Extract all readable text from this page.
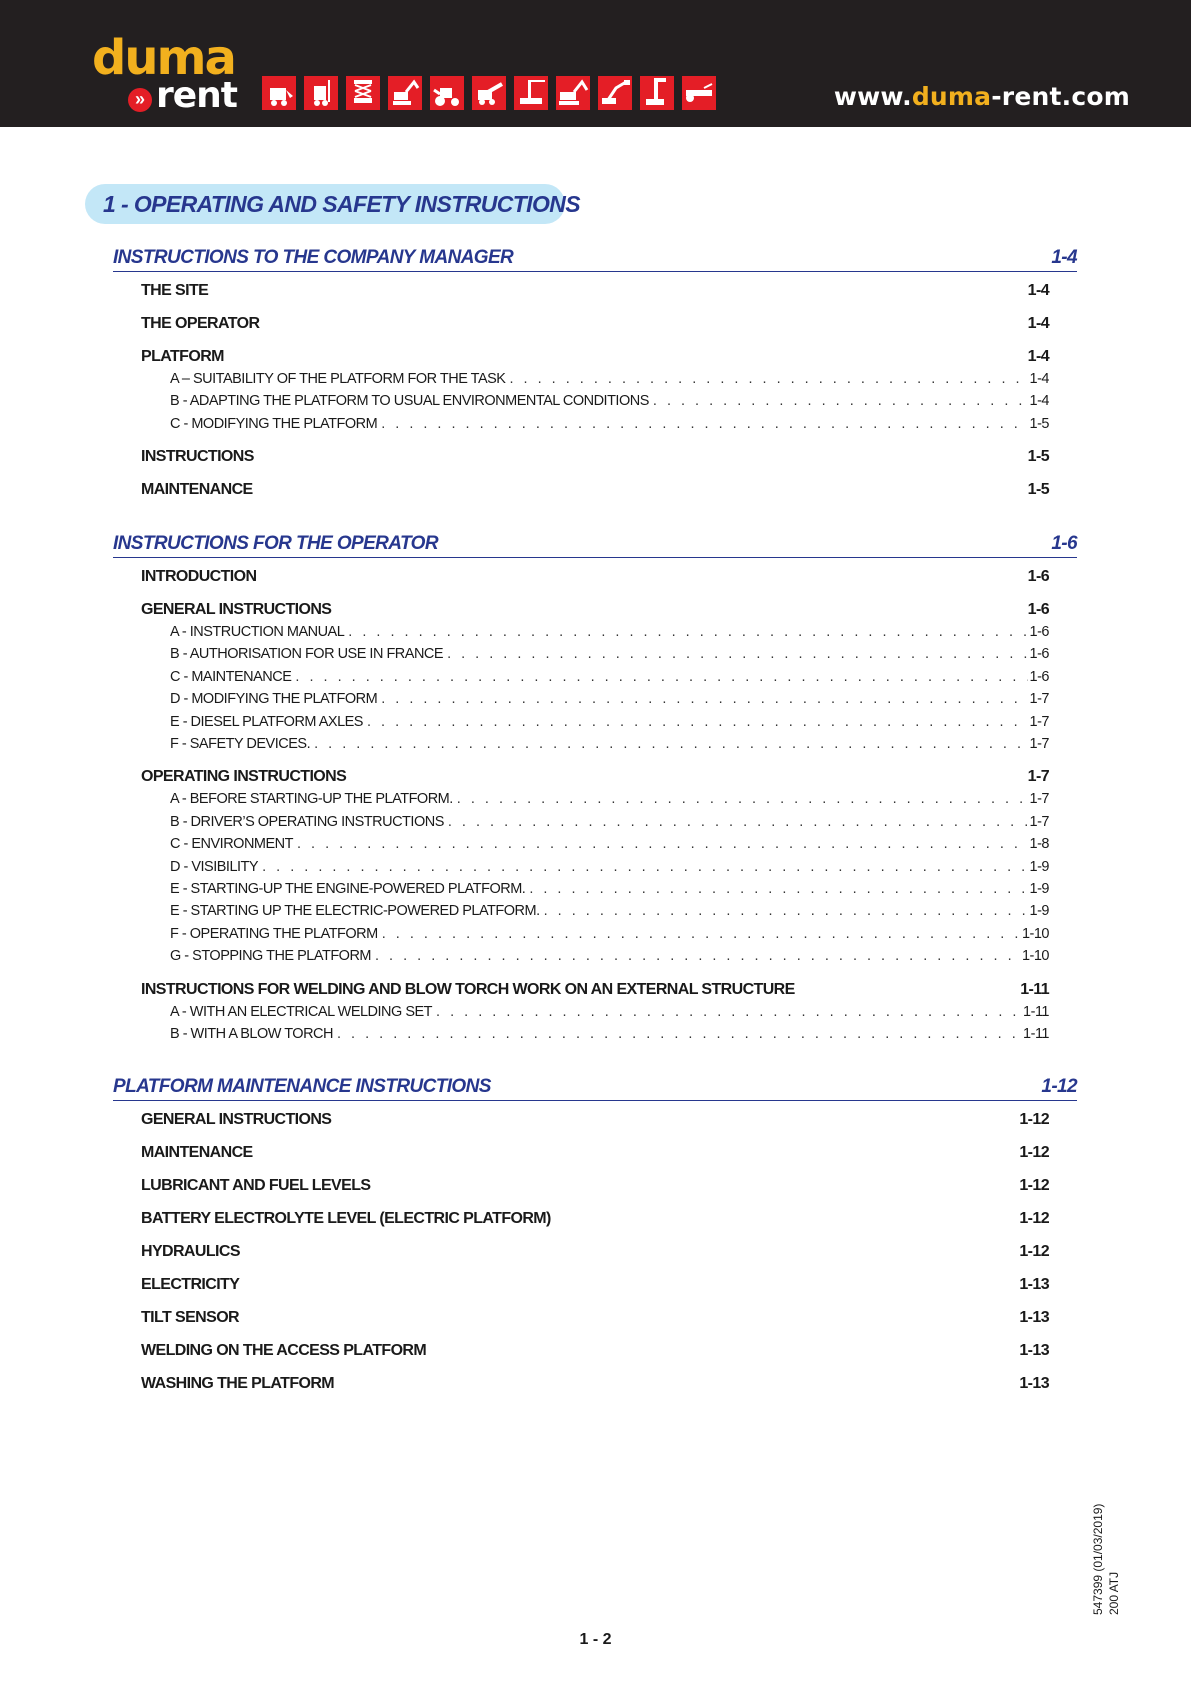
duma
» rent	www.duma-rent.com
1 - OPERATING AND SAFETY INSTRUCTIONS
INSTRUCTIONS TO THE COMPANY MANAGER	1-4
THE SITE	1-4
THE OPERATOR	1-4
PLATFORM	1-4
A – SUITABILITY OF THE PLATFORM FOR THE TASK . . .	1-4
B - ADAPTING THE PLATFORM TO USUAL ENVIRONMENTAL CONDITIONS . . .	1-4
C - MODIFYING THE PLATFORM . . .	1-5
INSTRUCTIONS	1-5
MAINTENANCE	1-5
INSTRUCTIONS FOR THE OPERATOR	1-6
INTRODUCTION	1-6
GENERAL INSTRUCTIONS	1-6
A - INSTRUCTION MANUAL . . .	1-6
B - AUTHORISATION FOR USE IN FRANCE . . .	1-6
C - MAINTENANCE . . .	1-6
D - MODIFYING THE PLATFORM . . .	1-7
E - DIESEL PLATFORM AXLES . . .	1-7
F - SAFETY DEVICES. . . .	1-7
OPERATING INSTRUCTIONS	1-7
A - BEFORE STARTING-UP THE PLATFORM. . . .	1-7
B - DRIVER’S OPERATING INSTRUCTIONS . . .	1-7
C - ENVIRONMENT . . .	1-8
D - VISIBILITY . . .	1-9
E - STARTING-UP THE ENGINE-POWERED PLATFORM. . . .	1-9
E - STARTING UP THE ELECTRIC-POWERED PLATFORM. . . .	1-9
F - OPERATING THE PLATFORM . . .	1-10
G - STOPPING THE PLATFORM . . .	1-10
INSTRUCTIONS FOR WELDING AND BLOW TORCH WORK ON AN EXTERNAL STRUCTURE	1-11
A - WITH AN ELECTRICAL WELDING SET . . .	1-11
B - WITH A BLOW TORCH . . .	1-11
PLATFORM MAINTENANCE INSTRUCTIONS	1-12
GENERAL INSTRUCTIONS	1-12
MAINTENANCE	1-12
LUBRICANT AND FUEL LEVELS	1-12
BATTERY ELECTROLYTE LEVEL (ELECTRIC PLATFORM)	1-12
HYDRAULICS	1-12
ELECTRICITY	1-13
TILT SENSOR	1-13
WELDING ON THE ACCESS PLATFORM	1-13
WASHING THE PLATFORM	1-13
1 - 2
547399 (01/03/2019) 200 ATJ
